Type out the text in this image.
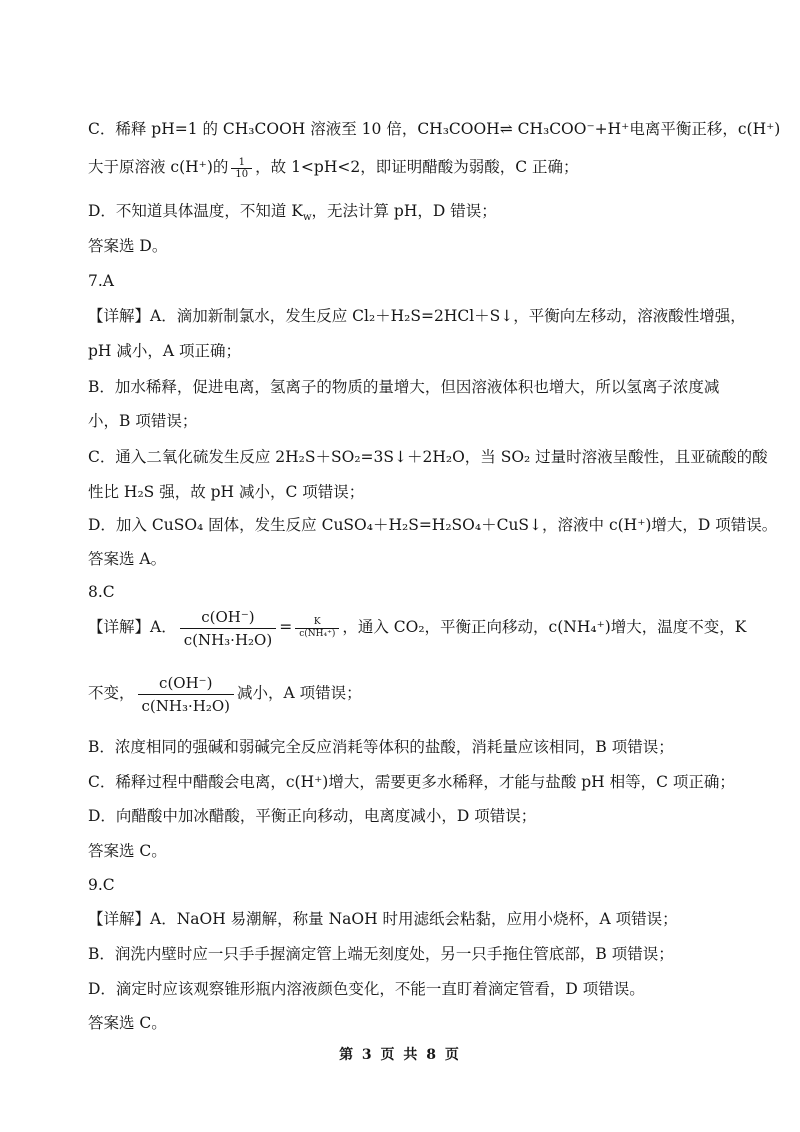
C．稀释 pH=1 的 CH₃COOH 溶液至 10 倍，CH₃COOH⇌ CH₃COO⁻+H⁺电离平衡正移，c(H⁺)
大于原溶液 c(H⁺)的 $\frac{1}{10}$ ，故 1<pH<2，即证明醋酸为弱酸，C 正确；
D．不知道具体温度，不知道 $K_w$，无法计算 pH，D 错误；
答案选 D。
7.A
【详解】A．滴加新制氯水，发生反应 Cl₂＋H₂S=2HCl＋S↓，平衡向左移动，溶液酸性增强，
pH 减小，A 项正确；
B．加水稀释，促进电离，氢离子的物质的量增大，但因溶液体积也增大，所以氢离子浓度减
小，B 项错误；
C．通入二氧化硫发生反应 2H₂S＋SO₂=3S↓＋2H₂O，当 SO₂ 过量时溶液呈酸性，且亚硫酸的酸
性比 H₂S 强，故 pH 减小，C 项错误；
D．加入 CuSO₄ 固体，发生反应 CuSO₄＋H₂S=H₂SO₄＋CuS↓，溶液中 c(H⁺)增大，D 项错误。
答案选 A。
8.C
【详解】A． $\frac{c(OH^-)}{\text{c(NH₃·H₂O)}} = \frac{K}{\text{c(NH₄⁺)}}$ ，通入 CO₂，平衡正向移动，c(NH₄⁺)增大，温度不变，K
不变， $\frac{c(OH^-)}{\text{c(NH₃·H₂O)}}$ 减小，A 项错误；
B．浓度相同的强碱和弱碱完全反应消耗等体积的盐酸，消耗量应该相同，B 项错误；
C．稀释过程中醋酸会电离，c(H⁺)增大，需要更多水稀释，才能与盐酸 pH 相等，C 项正确；
D．向醋酸中加冰醋酸，平衡正向移动，电离度减小，D 项错误；
答案选 C。
9.C
【详解】A．NaOH 易潮解，称量 NaOH 时用滤纸会粘黏，应用小烧杯，A 项错误；
B．润洗内壁时应一只手手握滴定管上端无刻度处，另一只手拖住管底部，B 项错误；
D．滴定时应该观察锥形瓶内溶液颜色变化，不能一直盯着滴定管看，D 项错误。
答案选 C。
第 3 页 共 8 页
